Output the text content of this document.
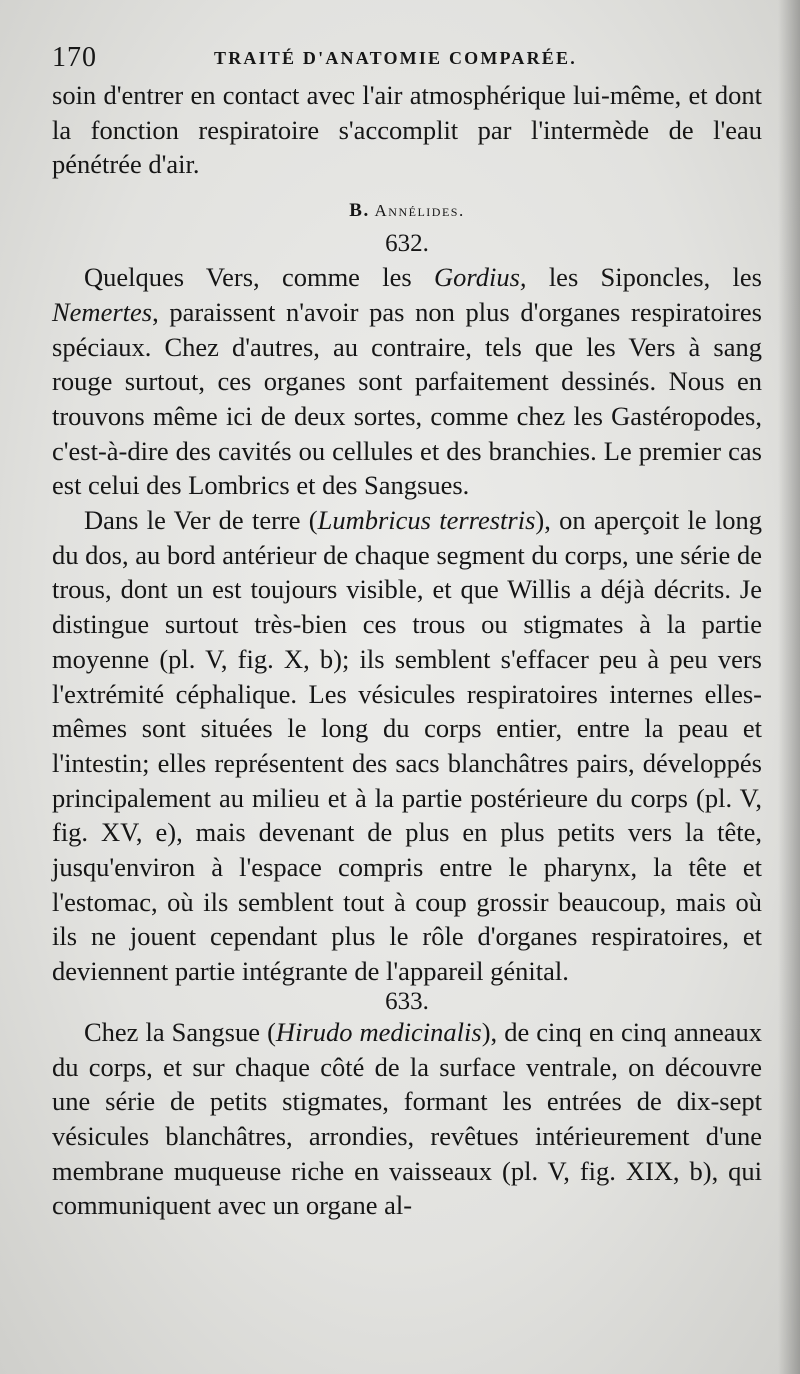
170	TRAITÉ D'ANATOMIE COMPARÉE.

soin d'entrer en contact avec l'air atmosphérique lui-même, et dont la fonction respiratoire s'accomplit par l'intermède de l'eau pénétrée d'air.

B. Annélides.
632.

Quelques Vers, comme les Gordius, les Siponcles, les Nemertes, paraissent n'avoir pas non plus d'organes respiratoires spéciaux. Chez d'autres, au contraire, tels que les Vers à sang rouge surtout, ces organes sont parfaitement dessinés. Nous en trouvons même ici de deux sortes, comme chez les Gastéropodes, c'est-à-dire des cavités ou cellules et des branchies. Le premier cas est celui des Lombrics et des Sangsues.

Dans le Ver de terre (Lumbricus terrestris), on aperçoit le long du dos, au bord antérieur de chaque segment du corps, une série de trous, dont un est toujours visible, et que Willis a déjà décrits. Je distingue surtout très-bien ces trous ou stigmates à la partie moyenne (pl. V, fig. X, b); ils semblent s'effacer peu à peu vers l'extrémité céphalique. Les vésicules respiratoires internes elles-mêmes sont situées le long du corps entier, entre la peau et l'intestin; elles représentent des sacs blanchâtres pairs, développés principalement au milieu et à la partie postérieure du corps (pl. V, fig. XV, e), mais devenant de plus en plus petits vers la tête, jusqu'environ à l'espace compris entre le pharynx, la tête et l'estomac, où ils semblent tout à coup grossir beaucoup, mais où ils ne jouent cependant plus le rôle d'organes respiratoires, et deviennent partie intégrante de l'appareil génital.

633.

Chez la Sangsue (Hirudo medicinalis), de cinq en cinq anneaux du corps, et sur chaque côté de la surface ventrale, on découvre une série de petits stigmates, formant les entrées de dix-sept vésicules blanchâtres, arrondies, revêtues intérieurement d'une membrane muqueuse riche en vaisseaux (pl. V, fig. XIX, b), qui communiquent avec un organe al-
